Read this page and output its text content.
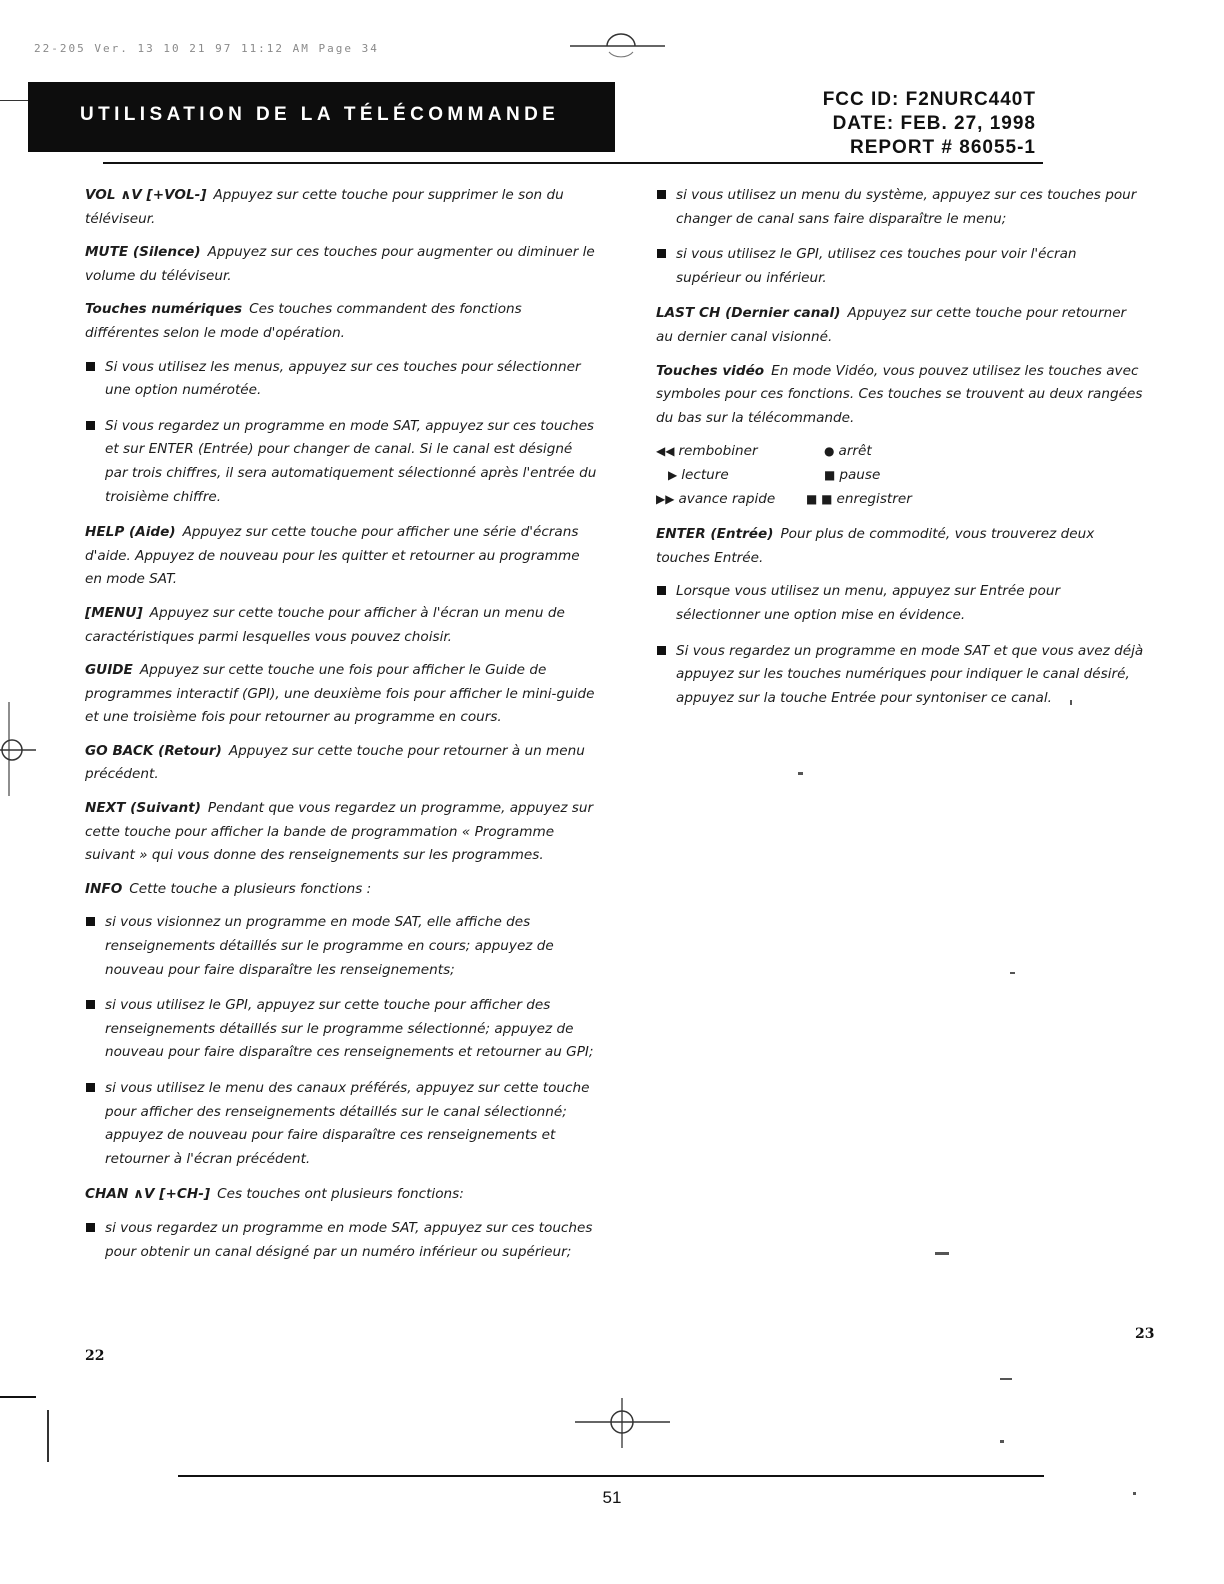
22-205 Ver. 13 10 21 97 11:12 AM Page 34
UTILISATION DE LA TÉLÉCOMMANDE
FCC ID: F2NURC440T
DATE: FEB. 27, 1998
REPORT # 86055-1
VOL ∧V [+VOL-] Appuyez sur cette touche pour supprimer le son du téléviseur.
MUTE (Silence) Appuyez sur ces touches pour augmenter ou diminuer le volume du téléviseur.
Touches numériques Ces touches commandent des fonctions différentes selon le mode d'opération.
Si vous utilisez les menus, appuyez sur ces touches pour sélectionner une option numérotée.
Si vous regardez un programme en mode SAT, appuyez sur ces touches et sur ENTER (Entrée) pour changer de canal. Si le canal est désigné par trois chiffres, il sera automatiquement sélectionné après l'entrée du troisième chiffre.
HELP (Aide) Appuyez sur cette touche pour afficher une série d'écrans d'aide. Appuyez de nouveau pour les quitter et retourner au programme en mode SAT.
[MENU] Appuyez sur cette touche pour afficher à l'écran un menu de caractéristiques parmi lesquelles vous pouvez choisir.
GUIDE Appuyez sur cette touche une fois pour afficher le Guide de programmes interactif (GPI), une deuxième fois pour afficher le mini-guide et une troisième fois pour retourner au programme en cours.
GO BACK (Retour) Appuyez sur cette touche pour retourner à un menu précédent.
NEXT (Suivant) Pendant que vous regardez un programme, appuyez sur cette touche pour afficher la bande de programmation « Programme suivant » qui vous donne des renseignements sur les programmes.
INFO Cette touche a plusieurs fonctions :
si vous visionnez un programme en mode SAT, elle affiche des renseignements détaillés sur le programme en cours; appuyez de nouveau pour faire disparaître les renseignements;
si vous utilisez le GPI, appuyez sur cette touche pour afficher des renseignements détaillés sur le programme sélectionné; appuyez de nouveau pour faire disparaître ces renseignements et retourner au GPI;
si vous utilisez le menu des canaux préférés, appuyez sur cette touche pour afficher des renseignements détaillés sur le canal sélectionné; appuyez de nouveau pour faire disparaître ces renseignements et retourner à l'écran précédent.
CHAN ∧V [+CH-] Ces touches ont plusieurs fonctions:
si vous regardez un programme en mode SAT, appuyez sur ces touches pour obtenir un canal désigné par un numéro inférieur ou supérieur;
si vous utilisez un menu du système, appuyez sur ces touches pour changer de canal sans faire disparaître le menu;
si vous utilisez le GPI, utilisez ces touches pour voir l'écran supérieur ou inférieur.
LAST CH (Dernier canal) Appuyez sur cette touche pour retourner au dernier canal visionné.
Touches vidéo En mode Vidéo, vous pouvez utilisez les touches avec symboles pour ces fonctions. Ces touches se trouvent au deux rangées du bas sur la télécommande.
◀◀ rembobiner	● arrêt
▶ lecture	■ pause
▶▶ avance rapide	■ ■ enregistrer
ENTER (Entrée) Pour plus de commodité, vous trouverez deux touches Entrée.
Lorsque vous utilisez un menu, appuyez sur Entrée pour sélectionner une option mise en évidence.
Si vous regardez un programme en mode SAT et que vous avez déjà appuyez sur les touches numériques pour indiquer le canal désiré, appuyez sur la touche Entrée pour syntoniser ce canal.
22
23
51
